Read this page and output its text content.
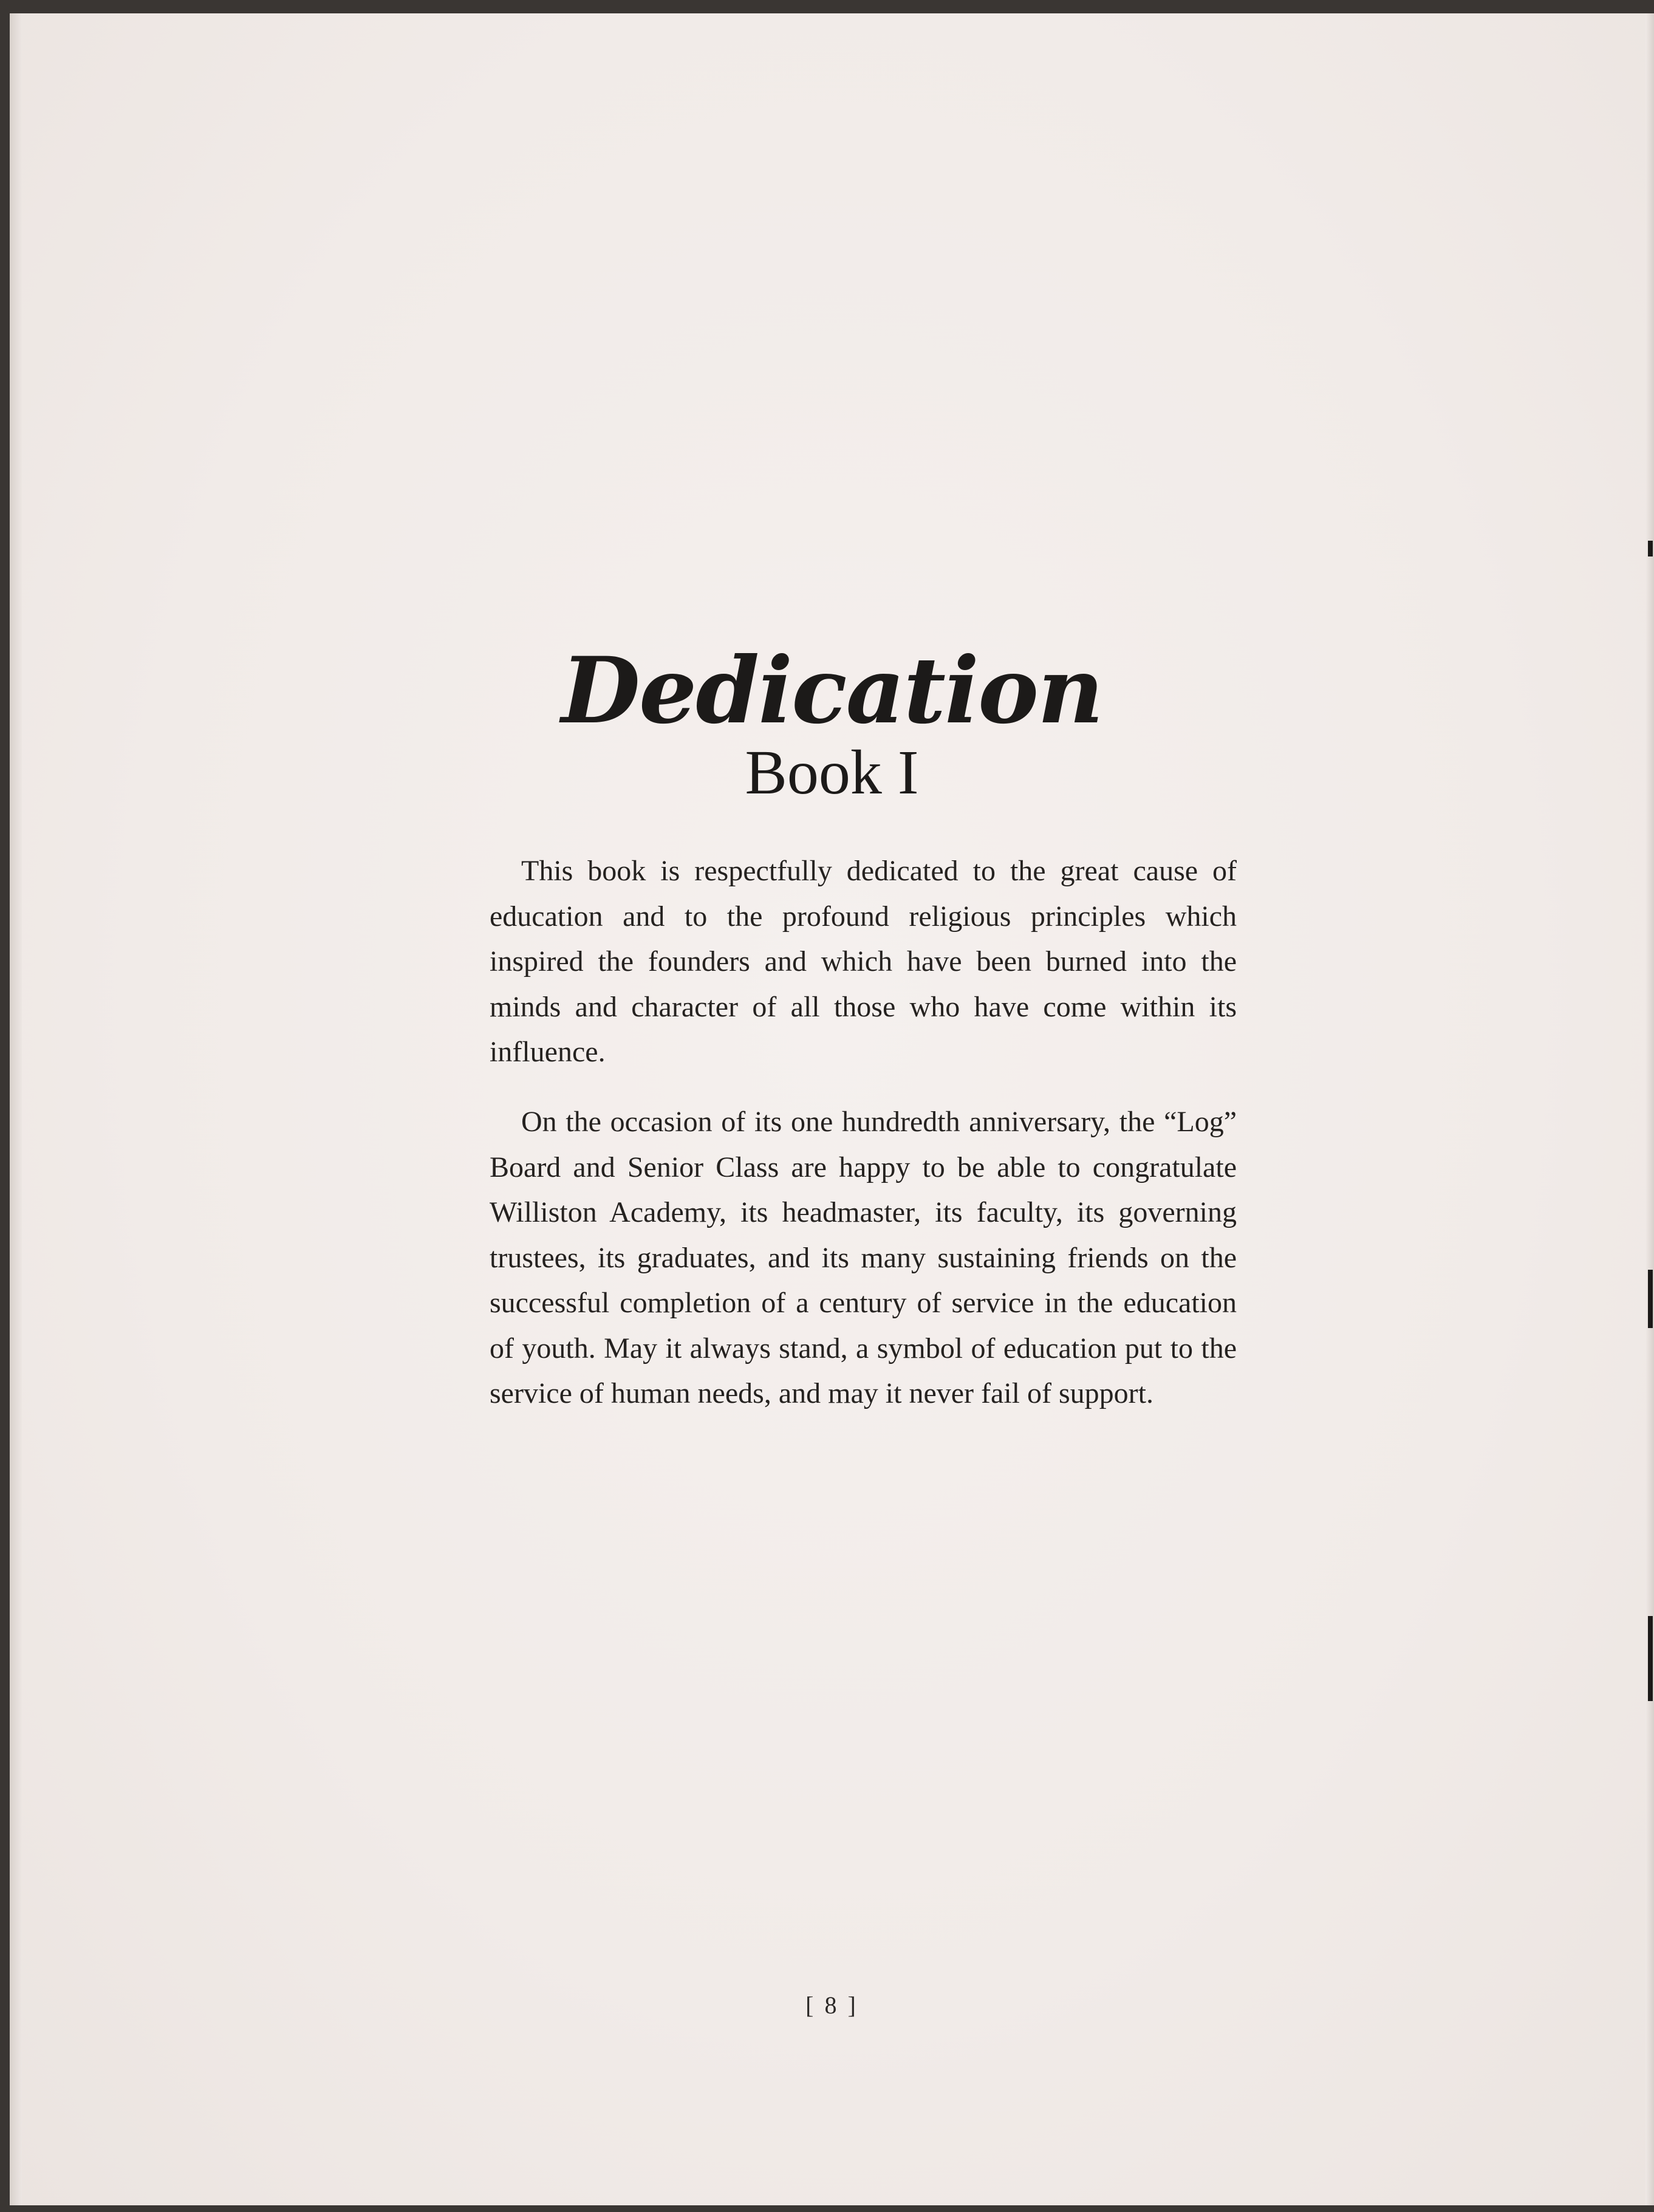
Dedication
Book I

This book is respectfully dedicated to the great cause of education and to the profound religious principles which inspired the founders and which have been burned into the minds and character of all those who have come within its influence.

On the occasion of its one hundredth anniversary, the “Log” Board and Senior Class are happy to be able to congratulate Williston Academy, its headmaster, its faculty, its governing trustees, its graduates, and its many sustaining friends on the successful completion of a century of service in the education of youth. May it always stand, a symbol of education put to the service of human needs, and may it never fail of support.

[ 8 ]
